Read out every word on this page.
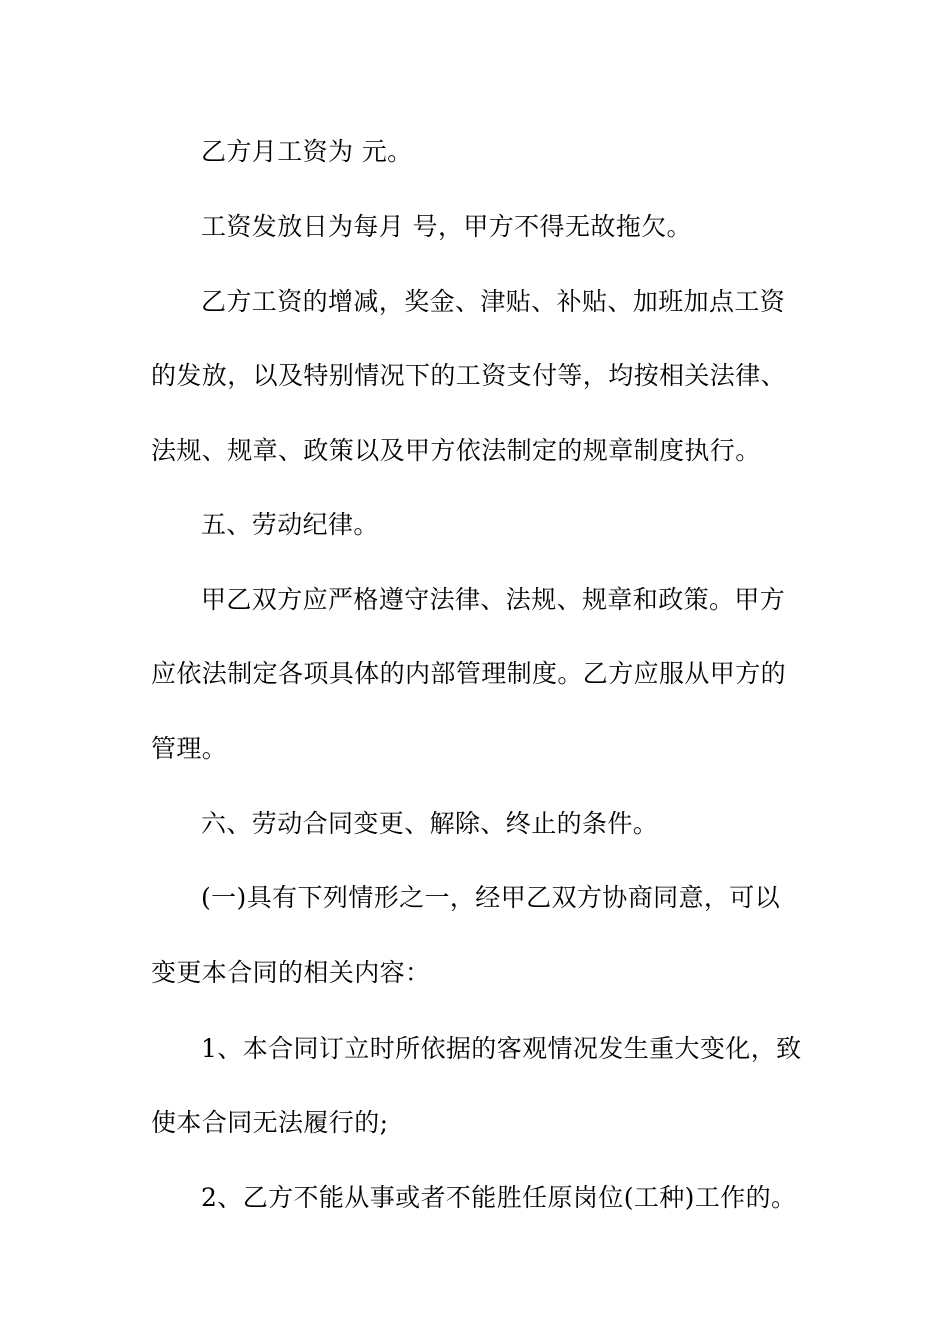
乙方月工资为 元。
工资发放日为每月 号，甲方不得无故拖欠。
乙方工资的增减，奖金、津贴、补贴、加班加点工资
的发放，以及特别情况下的工资支付等，均按相关法律、
法规、规章、政策以及甲方依法制定的规章制度执行。
五、劳动纪律。
甲乙双方应严格遵守法律、法规、规章和政策。甲方
应依法制定各项具体的内部管理制度。乙方应服从甲方的
管理。
六、劳动合同变更、解除、终止的条件。
(一)具有下列情形之一，经甲乙双方协商同意，可以
变更本合同的相关内容：
1、本合同订立时所依据的客观情况发生重大变化，致
使本合同无法履行的;
2、乙方不能从事或者不能胜任原岗位(工种)工作的。
